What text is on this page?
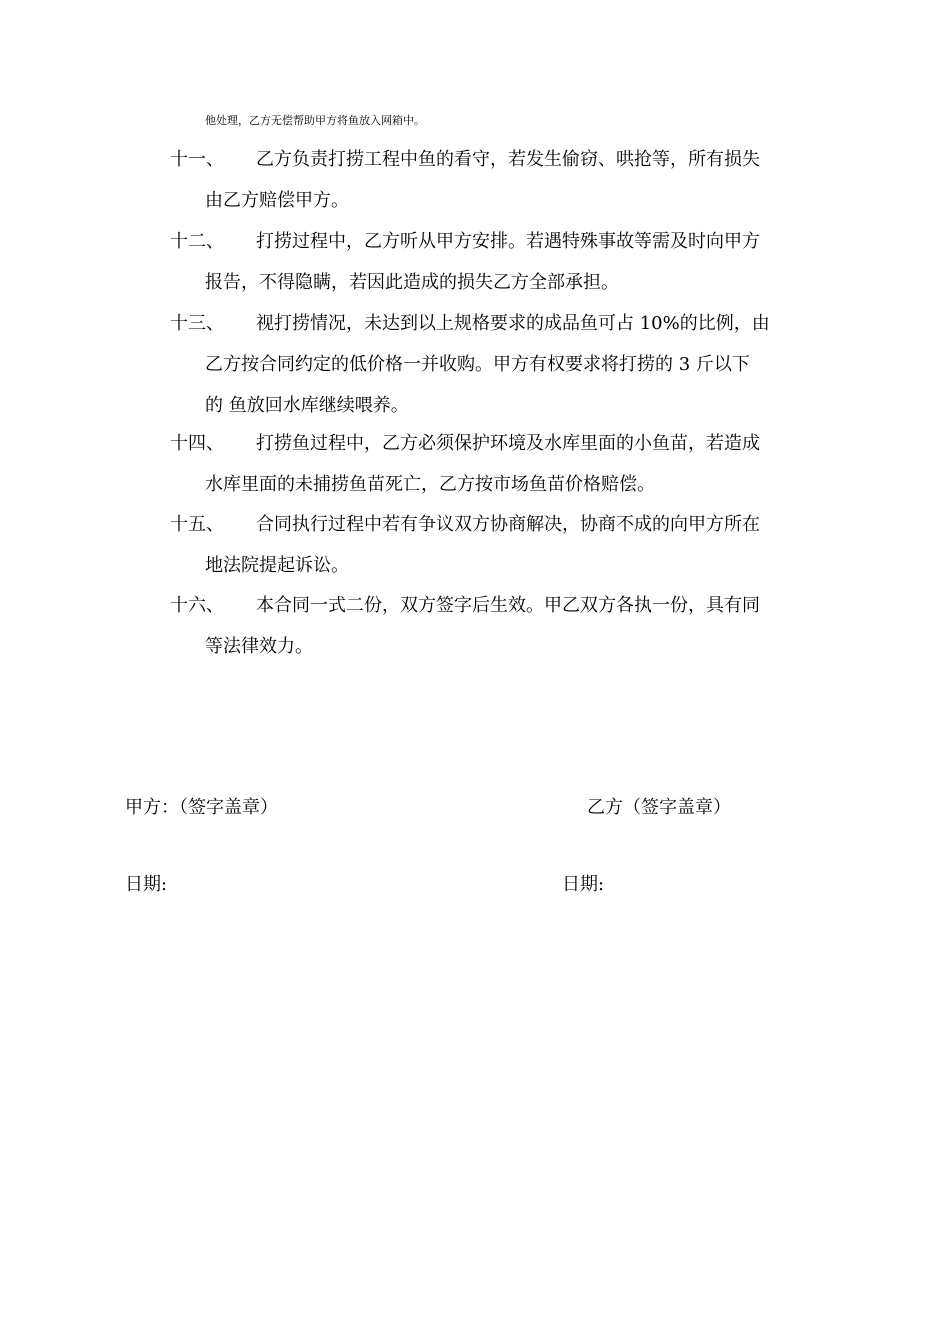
他处理，乙方无偿帮助甲方将鱼放入网箱中。
十一、 乙方负责打捞工程中鱼的看守，若发生偷窃、哄抢等，所有损失
由乙方赔偿甲方。
十二、 打捞过程中，乙方听从甲方安排。若遇特殊事故等需及时向甲方
报告，不得隐瞒，若因此造成的损失乙方全部承担。
十三、 视打捞情况，未达到以上规格要求的成品鱼可占 10%的比例，由
乙方按合同约定的低价格一并收购。甲方有权要求将打捞的 3 斤以下
的 鱼放回水库继续喂养。
十四、 打捞鱼过程中，乙方必须保护环境及水库里面的小鱼苗，若造成
水库里面的未捕捞鱼苗死亡，乙方按市场鱼苗价格赔偿。
十五、 合同执行过程中若有争议双方协商解决，协商不成的向甲方所在
地法院提起诉讼。
十六、 本合同一式二份，双方签字后生效。甲乙双方各执一份，具有同
等法律效力。
甲方：（签字盖章）	乙方（签字盖章）
日期:	日期:
